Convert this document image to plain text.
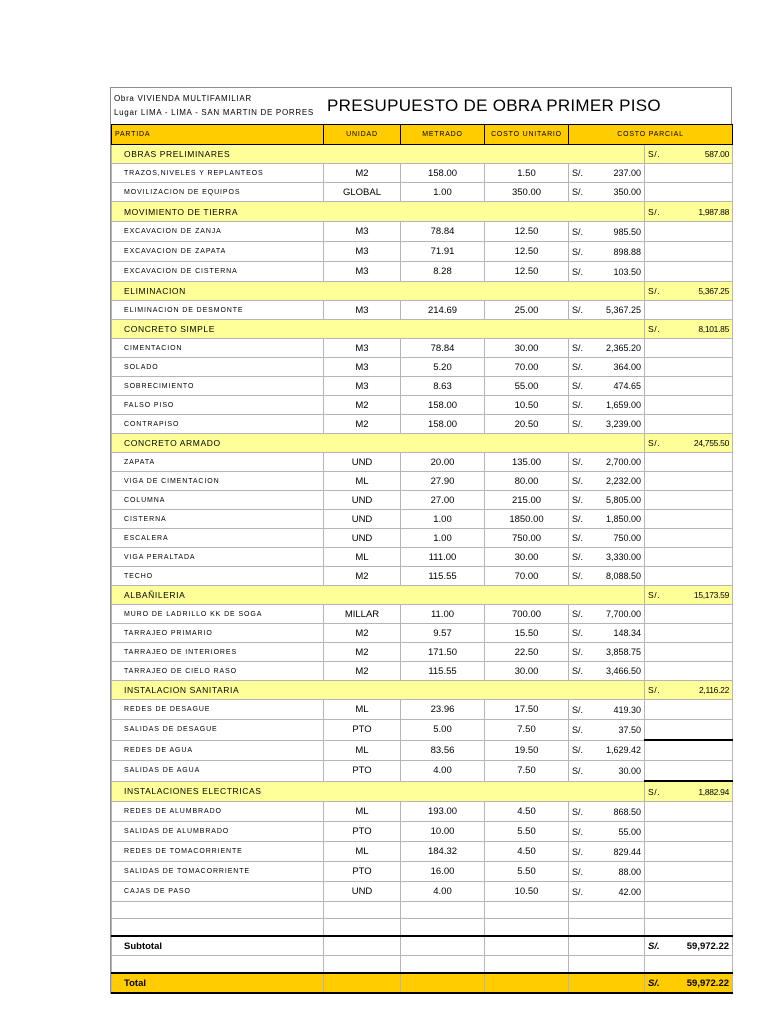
Obra VIVIENDA MULTIFAMILIAR
Lugar LIMA - LIMA - SAN MARTIN DE PORRES PRESUPUESTO DE OBRA PRIMER PISO
PARTIDA	UNIDAD	METRADO	COSTO UNITARIO	COSTO PARCIAL	
OBRAS PRELIMINARES					S/. 587.00

TRAZOS,NIVELES Y REPLANTEOS	M2	158.00	1.50	S/. 237.00	

MOVILIZACION DE EQUIPOS	GLOBAL	1.00	350.00	S/. 350.00	

MOVIMIENTO DE TIERRA					S/. 1,987.88

EXCAVACION DE ZANJA	M3	78.84	12.50	S/. 985.50	

EXCAVACION DE ZAPATA	M3	71.91	12.50	S/. 898.88	

EXCAVACION DE CISTERNA	M3	8.28	12.50	S/. 103.50	

ELIMINACION					S/. 5,367.25

ELIMINACION DE DESMONTE	M3	214.69	25.00	S/. 5,367.25	

CONCRETO SIMPLE					S/. 8,101.85

CIMENTACION	M3	78.84	30.00	S/. 2,365.20	

SOLADO	M3	5.20	70.00	S/. 364.00	

SOBRECIMIENTO	M3	8.63	55.00	S/. 474.65	

FALSO PISO	M2	158.00	10.50	S/. 1,659.00	

CONTRAPISO	M2	158.00	20.50	S/. 3,239.00	

CONCRETO ARMADO					S/. 24,755.50

ZAPATA	UND	20.00	135.00	S/. 2,700.00	

VIGA DE CIMENTACION	ML	27.90	80.00	S/. 2,232.00	

COLUMNA	UND	27.00	215.00	S/. 5,805.00	

CISTERNA	UND	1.00	1850.00	S/. 1,850.00	

ESCALERA	UND	1.00	750.00	S/. 750.00	

VIGA PERALTADA	ML	111.00	30.00	S/. 3,330.00	

TECHO	M2	115.55	70.00	S/. 8,088.50	

ALBAÑILERIA					S/. 15,173.59

MURO DE LADRILLO KK DE SOGA	MILLAR	11.00	700.00	S/. 7,700.00	

TARRAJEO PRIMARIO	M2	9.57	15.50	S/. 148.34	

TARRAJEO DE INTERIORES	M2	171.50	22.50	S/. 3,858.75	

TARRAJEO DE CIELO RASO	M2	115.55	30.00	S/. 3,466.50	

INSTALACION SANITARIA					S/. 2,116.22

REDES DE DESAGUE	ML	23.96	17.50	S/. 419.30	

SALIDAS DE DESAGUE	PTO	5.00	7.50	S/. 37.50	

REDES DE AGUA	ML	83.56	19.50	S/. 1,629.42	

SALIDAS DE AGUA	PTO	4.00	7.50	S/. 30.00	

INSTALACIONES ELECTRICAS					S/. 1,882.94

REDES DE ALUMBRADO	ML	193.00	4.50	S/. 868.50	

SALIDAS DE ALUMBRADO	PTO	10.00	5.50	S/. 55.00	

REDES DE TOMACORRIENTE	ML	184.32	4.50	S/. 829.44	

SALIDAS DE TOMACORRIENTE	PTO	16.00	5.50	S/. 88.00	

CAJAS DE PASO	UND	4.00	10.50	S/. 42.00	

Subtotal					S/. 59,972.22

Total					S/. 59,972.22
